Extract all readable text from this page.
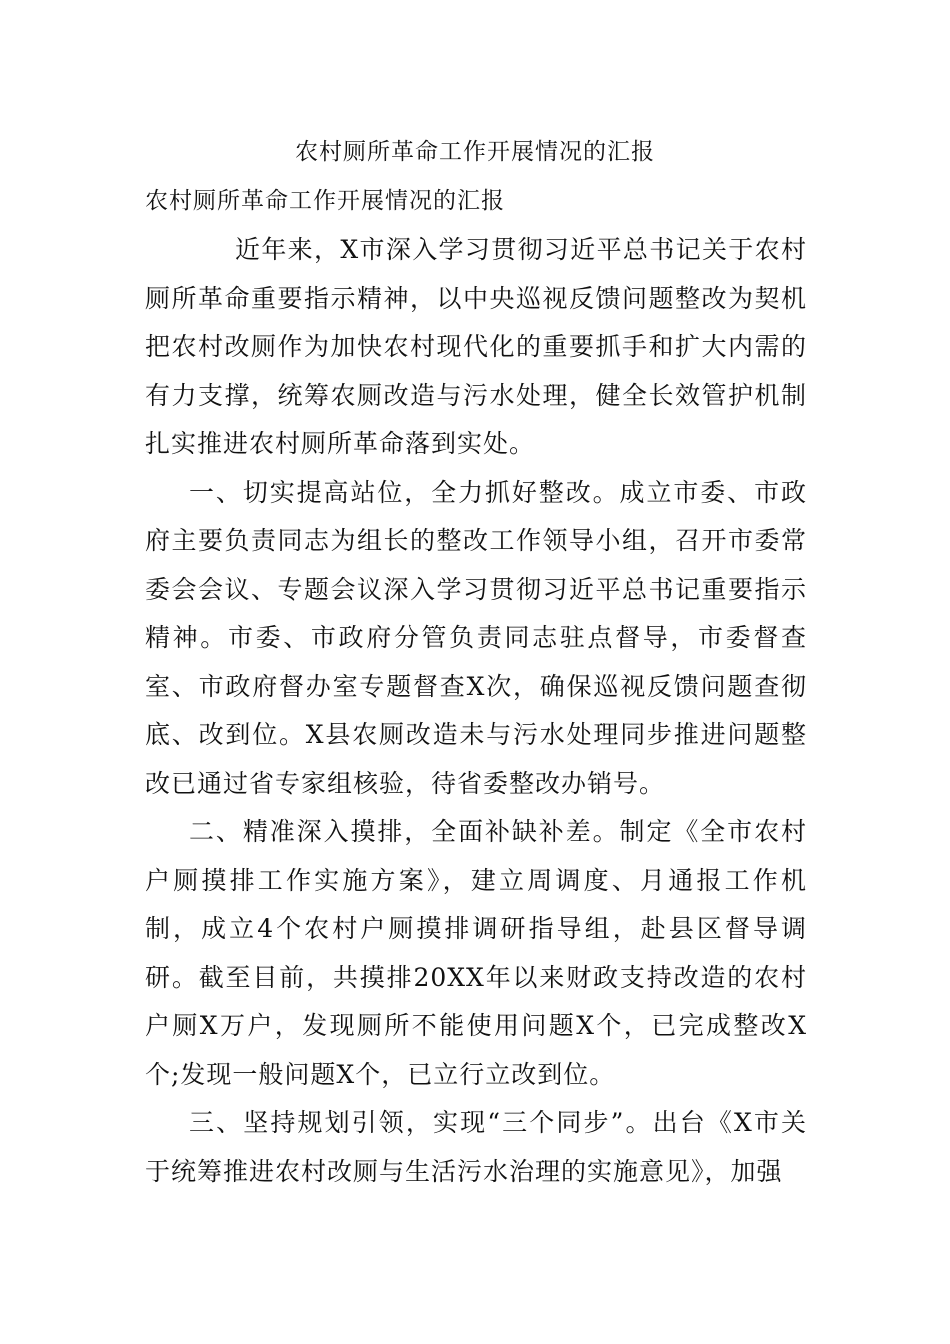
农村厕所革命工作开展情况的汇报
农村厕所革命工作开展情况的汇报

近年来，X市深入学习贯彻习近平总书记关于农村厕所革命重要指示精神，以中央巡视反馈问题整改为契机把农村改厕作为加快农村现代化的重要抓手和扩大内需的有力支撑，统筹农厕改造与污水处理，健全长效管护机制扎实推进农村厕所革命落到实处。

一、切实提高站位，全力抓好整改。成立市委、市政府主要负责同志为组长的整改工作领导小组，召开市委常委会会议、专题会议深入学习贯彻习近平总书记重要指示精神。市委、市政府分管负责同志驻点督导，市委督查室、市政府督办室专题督查X次，确保巡视反馈问题查彻底、改到位。X县农厕改造未与污水处理同步推进问题整改已通过省专家组核验，待省委整改办销号。

二、精准深入摸排，全面补缺补差。制定《全市农村户厕摸排工作实施方案》，建立周调度、月通报工作机制，成立4个农村户厕摸排调研指导组，赴县区督导调研。截至目前，共摸排20XX年以来财政支持改造的农村户厕X万户，发现厕所不能使用问题X个，已完成整改X个;发现一般问题X个，已立行立改到位。

三、坚持规划引领，实现“三个同步”。出台《X市关于统筹推进农村改厕与生活污水治理的实施意见》，加强
